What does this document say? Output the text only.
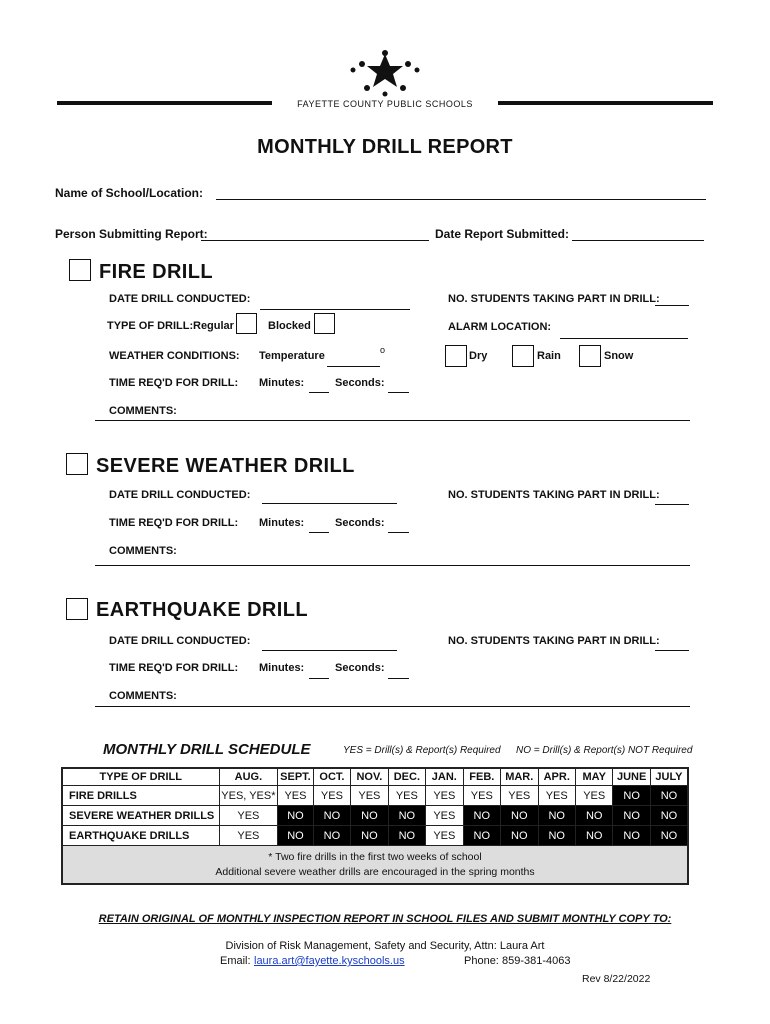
FAYETTE COUNTY PUBLIC SCHOOLS
MONTHLY DRILL REPORT
Name of School/Location:
Person Submitting Report:	Date Report Submitted:
FIRE DRILL
DATE DRILL CONDUCTED:	NO. STUDENTS TAKING PART IN DRILL:
TYPE OF DRILL: Regular	Blocked	ALARM LOCATION:
WEATHER CONDITIONS: Temperature	o	Dry	Rain	Snow
TIME REQ'D FOR DRILL: Minutes:	Seconds:
COMMENTS:
SEVERE WEATHER DRILL
DATE DRILL CONDUCTED:	NO. STUDENTS TAKING PART IN DRILL:
TIME REQ'D FOR DRILL: Minutes:	Seconds:
COMMENTS:
EARTHQUAKE DRILL
DATE DRILL CONDUCTED:	NO. STUDENTS TAKING PART IN DRILL:
TIME REQ'D FOR DRILL: Minutes:	Seconds:
COMMENTS:
MONTHLY DRILL SCHEDULE	YES = Drill(s) & Report(s) Required NO = Drill(s) & Report(s) NOT Required
TYPE OF DRILL	AUG.	SEPT.	OCT.	NOV.	DEC.	JAN.	FEB.	MAR.	APR.	MAY	JUNE	JULY
FIRE DRILLS	YES, YES*	YES	YES	YES	YES	YES	YES	YES	YES	YES	NO	NO
SEVERE WEATHER DRILLS	YES	NO	NO	NO	NO	YES	NO	NO	NO	NO	NO	NO
EARTHQUAKE DRILLS	YES	NO	NO	NO	NO	YES	NO	NO	NO	NO	NO	NO

* Two fire drills in the first two weeks of school
Additional severe weather drills are encouraged in the spring months												
RETAIN ORIGINAL OF MONTHLY INSPECTION REPORT IN SCHOOL FILES AND SUBMIT MONTHLY COPY TO:
Division of Risk Management, Safety and Security, Attn: Laura Art
Email: laura.art@fayette.kyschools.us	Phone: 859-381-4063
Rev 8/22/2022
